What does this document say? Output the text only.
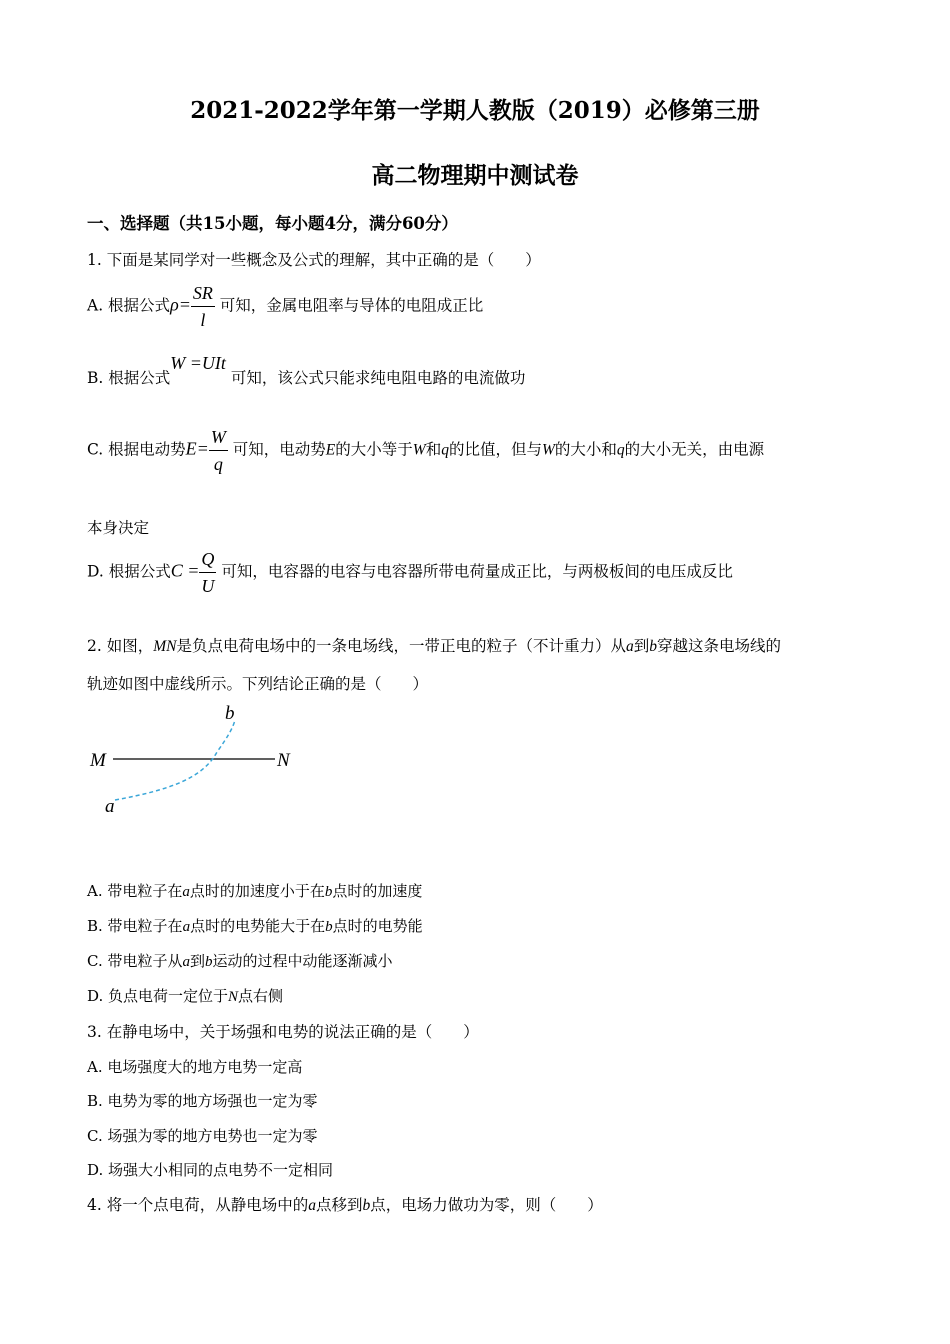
2021-2022学年第一学期人教版（2019）必修第三册
高二物理期中测试卷
一、选择题（共15小题，每小题4分，满分60分）
1. 下面是某同学对一些概念及公式的理解，其中正确的是（　　）
A. 根据公式$\rho= \frac{SR}{l}$ 可知，金属电阻率与导体的电阻成正比
B. 根据公式W =UIt 可知，该公式只能求纯电阻电路的电流做功
C. 根据电动势$E= \frac{W}{q}$ 可知，电动势E的大小等于W和q的比值，但与W的大小和q的大小无关，由电源
本身决定
D. 根据公式$C = \frac{Q}{U}$ 可知，电容器的电容与电容器所带电荷量成正比，与两极板间的电压成反比
2. 如图，MN是负点电荷电场中的一条电场线，一带正电的粒子（不计重力）从a到b穿越这条电场线的
轨迹如图中虚线所示。下列结论正确的是（　　）
M	N
a
b
A. 带电粒子在a点时的加速度小于在b点时的加速度
B. 带电粒子在a点时的电势能大于在b点时的电势能
C. 带电粒子从a到b运动的过程中动能逐渐减小
D. 负点电荷一定位于N点右侧
3. 在静电场中，关于场强和电势的说法正确的是（　　）
A. 电场强度大的地方电势一定高
B. 电势为零的地方场强也一定为零
C. 场强为零的地方电势也一定为零
D. 场强大小相同的点电势不一定相同
4. 将一个点电荷，从静电场中的a点移到b点，电场力做功为零，则（　　）
